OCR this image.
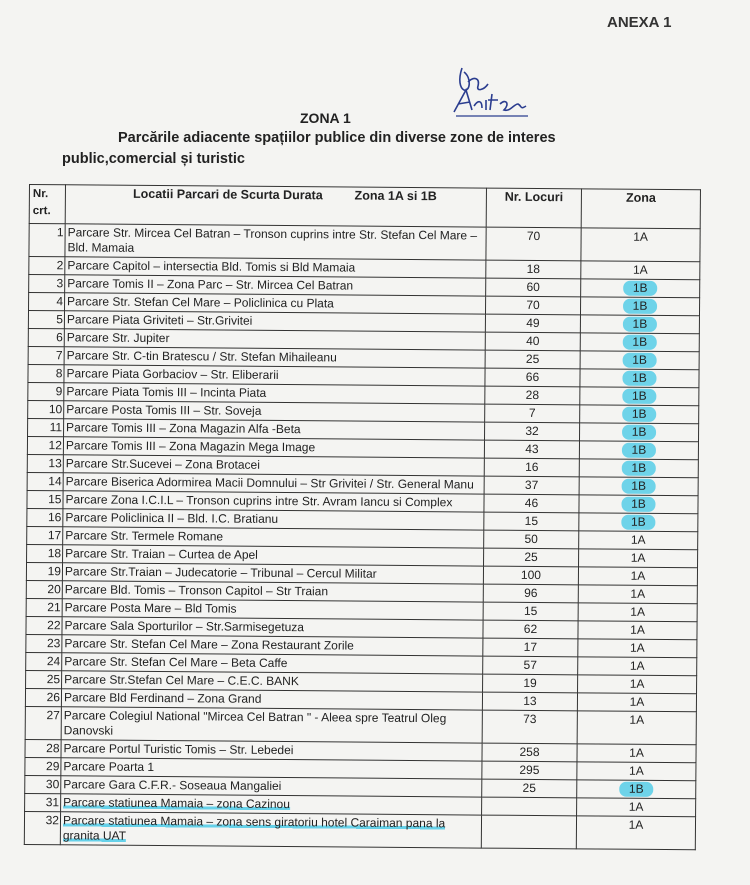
ANEXA 1
ZONA 1
Parcările adiacente spațiilor publice din diverse zone de interes public,comercial și turistic
Nr. crt.	Locatii Parcari de Scurta Durata Zona 1A si 1B	Nr. Locuri	Zona
1	Parcare Str. Mircea Cel Batran – Tronson cuprins intre Str. Stefan Cel Mare – Bld. Mamaia	70	1A
2	Parcare Capitol – intersectia Bld. Tomis si Bld Mamaia	18	1A
3	Parcare Tomis II – Zona Parc – Str. Mircea Cel Batran	60	1B
4	Parcare Str. Stefan Cel Mare – Policlinica cu Plata	70	1B
5	Parcare Piata Griviteti – Str.Grivitei	49	1B
6	Parcare Str. Jupiter	40	1B
7	Parcare Str. C-tin Bratescu / Str. Stefan Mihaileanu	25	1B
8	Parcare Piata Gorbaciov – Str. Eliberarii	66	1B
9	Parcare Piata Tomis III – Incinta Piata	28	1B
10	Parcare Posta Tomis III – Str. Soveja	7	1B
11	Parcare Tomis III – Zona Magazin Alfa -Beta	32	1B
12	Parcare Tomis III – Zona Magazin Mega Image	43	1B
13	Parcare Str.Sucevei – Zona Brotacei	16	1B
14	Parcare Biserica Adormirea Macii Domnului – Str Grivitei / Str. General Manu	37	1B
15	Parcare Zona I.C.I.L – Tronson cuprins intre Str. Avram Iancu si Complex	46	1B
16	Parcare Policlinica II – Bld. I.C. Bratianu	15	1B
17	Parcare Str. Termele Romane	50	1A
18	Parcare Str. Traian – Curtea de Apel	25	1A
19	Parcare Str.Traian – Judecatorie – Tribunal – Cercul Militar	100	1A
20	Parcare Bld. Tomis – Tronson Capitol – Str Traian	96	1A
21	Parcare Posta Mare – Bld Tomis	15	1A
22	Parcare Sala Sporturilor – Str.Sarmisegetuza	62	1A
23	Parcare Str. Stefan Cel Mare – Zona Restaurant Zorile	17	1A
24	Parcare Str. Stefan Cel Mare – Beta Caffe	57	1A
25	Parcare Str.Stefan Cel Mare – C.E.C. BANK	19	1A
26	Parcare Bld Ferdinand – Zona Grand	13	1A
27	Parcare Colegiul National "Mircea Cel Batran " - Aleea spre Teatrul Oleg Danovski	73	1A
28	Parcare Portul Turistic Tomis – Str. Lebedei	258	1A
29	Parcare Poarta 1	295	1A
30	Parcare Gara C.F.R.- Soseaua Mangaliei	25	1B
31	Parcare statiunea Mamaia – zona Cazinou		1A
32	Parcare statiunea Mamaia – zona sens giratoriu hotel Caraiman pana la granita UAT		1A
